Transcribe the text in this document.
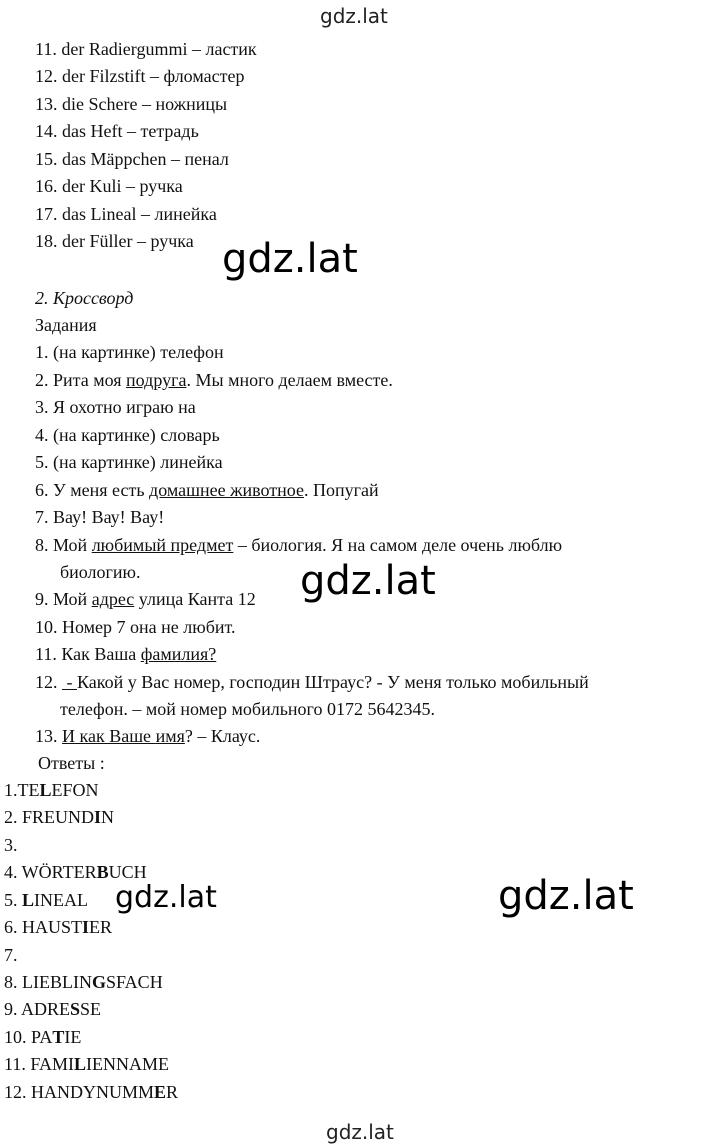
gdz.lat
gdz.lat
gdz.lat
gdz.lat	gdz.lat
gdz.lat
11. der Radiergummi – ластик
12. der Filzstift – фломастер
13. die Schere – ножницы
14. das Heft – тетрадь
15. das Mäppchen – пенал
16. der Kuli – ручка
17. das Lineal – линейка
18. der Füller – ручка
2. Кроссворд
Задания
1. (на картинке) телефон
2. Рита моя подруга. Мы много делаем вместе.
3. Я охотно играю на
4. (на картинке) словарь
5. (на картинке) линейка
6. У меня есть домашнее животное. Попугай
7. Вау! Вау! Вау!
8. Мой любимый предмет – биология. Я на самом деле очень люблю
биологию.
9. Мой адрес улица Канта 12
10. Номер 7 она не любит.
11. Как Ваша фамилия?
12.  - Какой у Вас номер, господин Штраус? - У меня только мобильный
телефон. – мой номер мобильного 0172 5642345.
13. И как Ваше имя? – Клаус.
Ответы :
1.TELEFON
2. FREUNDIN
3.
4. WÖRTERBUCH
5. LINEAL
6. HAUSTIER
7.
8. LIEBLINGSFACH
9. ADRESSE
10. PATIE
11. FAMILIENNAME
12. HANDYNUMMER
